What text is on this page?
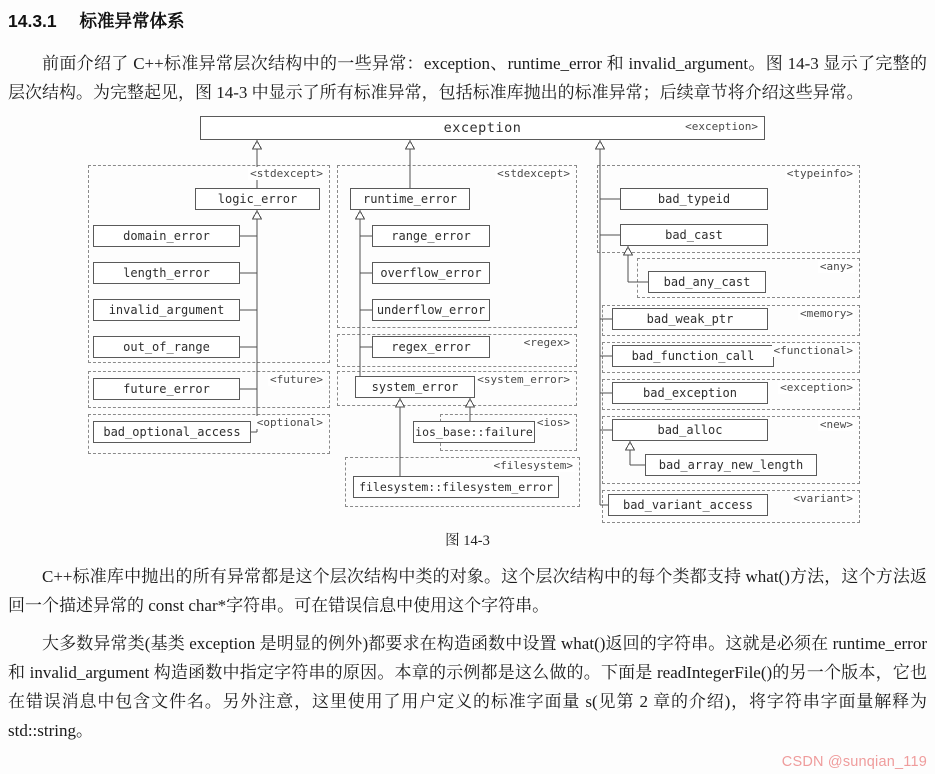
14.3.1 标准异常体系

前面介绍了 C++标准异常层次结构中的一些异常：exception、runtime_error 和 invalid_argument。图 14-3 显示了完整的层次结构。为完整起见，图 14-3 中显示了所有标准异常，包括标准库抛出的标准异常；后续章节将介绍这些异常。

<stdexcept>
<future>
<optional>
<stdexcept>
<regex>
<system_error>
<ios>
<filesystem>
<typeinfo>
<any>
<memory>
<functional>
<exception>
<new>
<variant>
exception	<exception>
logic_error
domain_error
length_error
invalid_argument
out_of_range
future_error
bad_optional_access
runtime_error
range_error
overflow_error
underflow_error
regex_error
system_error
ios_base::failure
filesystem::filesystem_error
bad_typeid
bad_cast
bad_any_cast
bad_weak_ptr
bad_function_call
bad_exception
bad_alloc
bad_array_new_length
bad_variant_access
图 14-3

C++标准库中抛出的所有异常都是这个层次结构中类的对象。这个层次结构中的每个类都支持 what()方法，这个方法返回一个描述异常的 const char*字符串。可在错误信息中使用这个字符串。

大多数异常类(基类 exception 是明显的例外)都要求在构造函数中设置 what()返回的字符串。这就是必须在 runtime_error 和 invalid_argument 构造函数中指定字符串的原因。本章的示例都是这么做的。下面是 readIntegerFile()的另一个版本，它也在错误消息中包含文件名。另外注意，这里使用了用户定义的标准字面量 s(见第 2 章的介绍)，将字符串字面量解释为 std::string。

CSDN @sunqian_119
